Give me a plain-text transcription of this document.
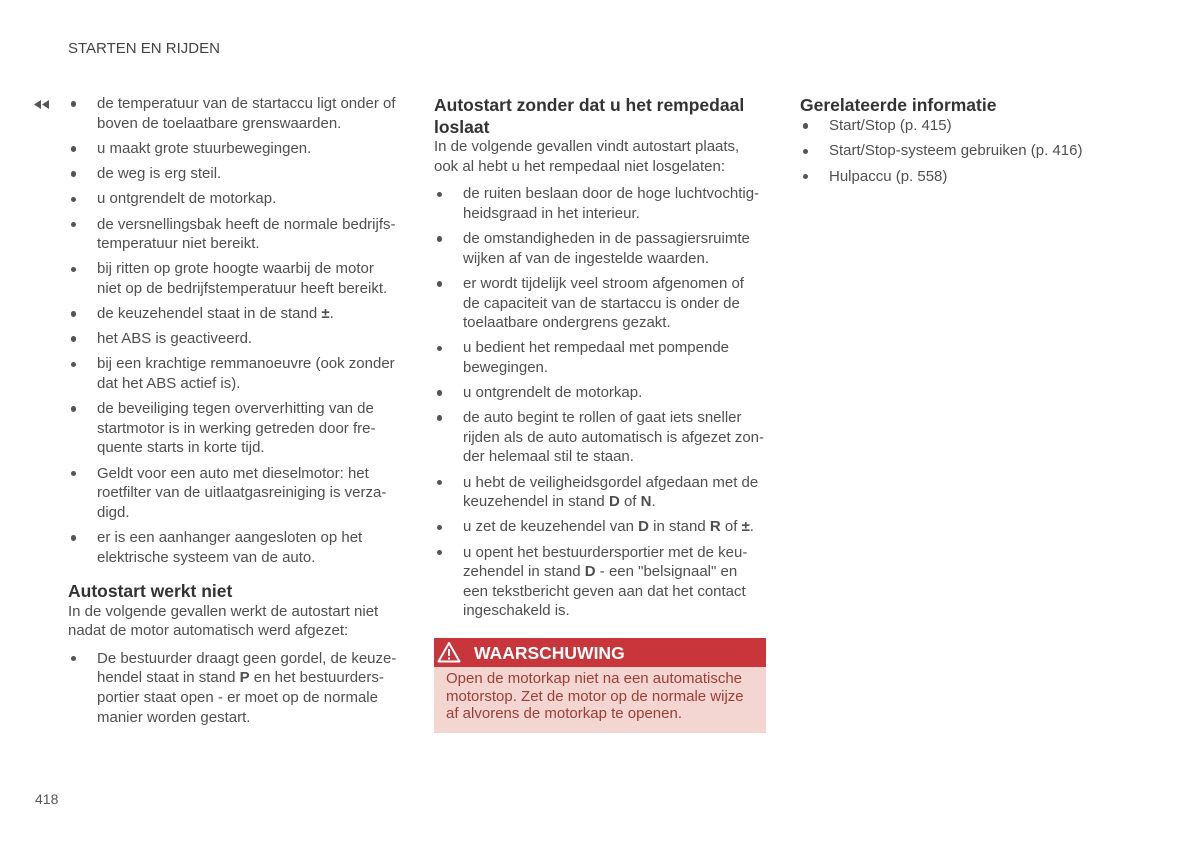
STARTEN EN RIJDEN
de temperatuur van de startaccu ligt onder of
boven de toelaatbare grenswaarden.
u maakt grote stuurbewegingen.
de weg is erg steil.
u ontgrendelt de motorkap.
de versnellingsbak heeft de normale bedrijfs-
temperatuur niet bereikt.
bij ritten op grote hoogte waarbij de motor
niet op de bedrijfstemperatuur heeft bereikt.
de keuzehendel staat in de stand ±.
het ABS is geactiveerd.
bij een krachtige remmanoeuvre (ook zonder
dat het ABS actief is).
de beveiliging tegen oververhitting van de
startmotor is in werking getreden door fre-
quente starts in korte tijd.
Geldt voor een auto met dieselmotor: het
roetfilter van de uitlaatgasreiniging is verza-
digd.
er is een aanhanger aangesloten op het
elektrische systeem van de auto.
Autostart werkt niet
In de volgende gevallen werkt de autostart niet
nadat de motor automatisch werd afgezet:
De bestuurder draagt geen gordel, de keuze-
hendel staat in stand P en het bestuurders-
portier staat open - er moet op de normale
manier worden gestart.
Autostart zonder dat u het rempedaal
loslaat
In de volgende gevallen vindt autostart plaats,
ook al hebt u het rempedaal niet losgelaten:
de ruiten beslaan door de hoge luchtvochtig-
heidsgraad in het interieur.
de omstandigheden in de passagiersruimte
wijken af van de ingestelde waarden.
er wordt tijdelijk veel stroom afgenomen of
de capaciteit van de startaccu is onder de
toelaatbare ondergrens gezakt.
u bedient het rempedaal met pompende
bewegingen.
u ontgrendelt de motorkap.
de auto begint te rollen of gaat iets sneller
rijden als de auto automatisch is afgezet zon-
der helemaal stil te staan.
u hebt de veiligheidsgordel afgedaan met de
keuzehendel in stand D of N.
u zet de keuzehendel van D in stand R of ±.
u opent het bestuurdersportier met de keu-
zehendel in stand D - een "belsignaal" en
een tekstbericht geven aan dat het contact
ingeschakeld is.
WAARSCHUWING
Open de motorkap niet na een automatische
motorstop. Zet de motor op de normale wijze
af alvorens de motorkap te openen.
Gerelateerde informatie
Start/Stop (p. 415)
Start/Stop-systeem gebruiken (p. 416)
Hulpaccu (p. 558)
418
